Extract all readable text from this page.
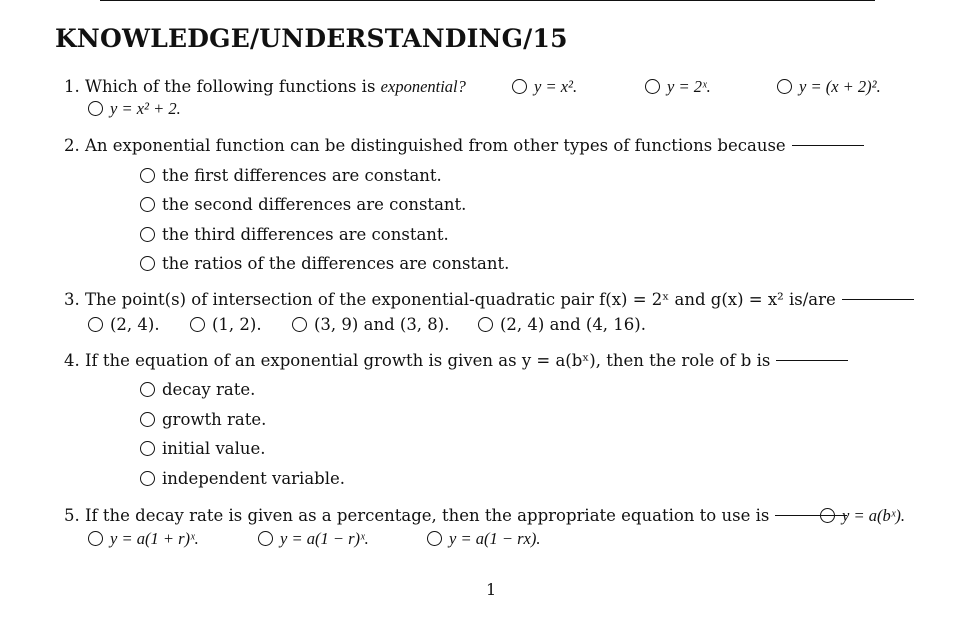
KNOWLEDGE/UNDERSTANDING/15
1. Which of the following functions is exponential?	y = x².	y = 2ˣ.	y = (x + 2)².
y = x² + 2.
2. An exponential function can be distinguished from other types of functions because
the first differences are constant.
the second differences are constant.
the third differences are constant.
the ratios of the differences are constant.
3. The point(s) of intersection of the exponential-quadratic pair f(x) = 2ˣ and g(x) = x² is/are
(2, 4).	(1, 2).	(3, 9) and (3, 8).	(2, 4) and (4, 16).
4. If the equation of an exponential growth is given as y = a(bˣ), then the role of b is
decay rate.
growth rate.
initial value.
independent variable.
5. If the decay rate is given as a percentage, then the appropriate equation to use is	y = a(bˣ).
y = a(1 + r)ˣ.	y = a(1 − r)ˣ.	y = a(1 − rx).
1
